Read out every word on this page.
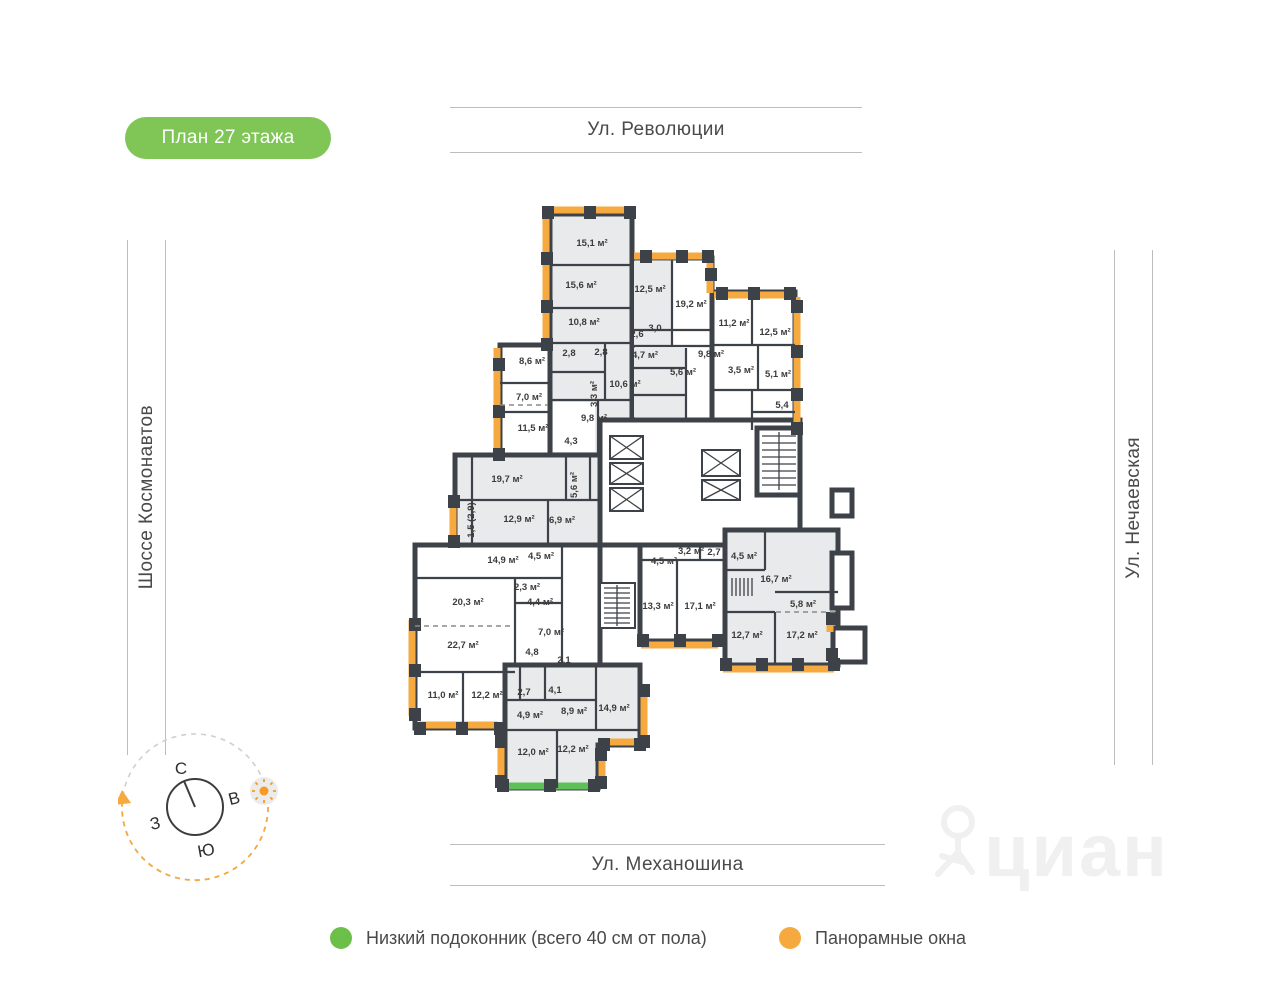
План 27 этажа	Ул. Революции
Ул. Механошина
Шоссе Космонавтов	Ул. Нечаевская
циан
15,1 м²
15,6 м²	12,5 м²
19,2 м²
10,8 м²
2,6
3,0	11,2 м²
12,5 м²
2,8 2,8	4,7 м²	9,8 м²
5,6 м²	3,5 м² 5,1 м²
8,6 м²
10,6 м²
3,3 м²
7,0 м²
5,4
9,8 м²
11,5 м²
4,3
19,7 м²	5,6 м²
1,5 (2,9)	12,9 м² 6,9 м²
14,9 м² 4,5 м²	3,2 м² 2,7
4,5 м²	4,5 м²
2,3 м²
20,3 м²	4,4 м²
16,7 м²
13,3 м² 17,1 м²	5,8 м²
7,0 м²
22,7 м²
4,8
2,1
12,7 м² 17,2 м²
11,0 м² 12,2 м² 2,7 4,1
4,9 м² 8,9 м² 14,9 м²
12,0 м² 12,2 м²
С
В
З
Ю
Низкий подоконник (всего 40 см от пола)	Панорамные окна
